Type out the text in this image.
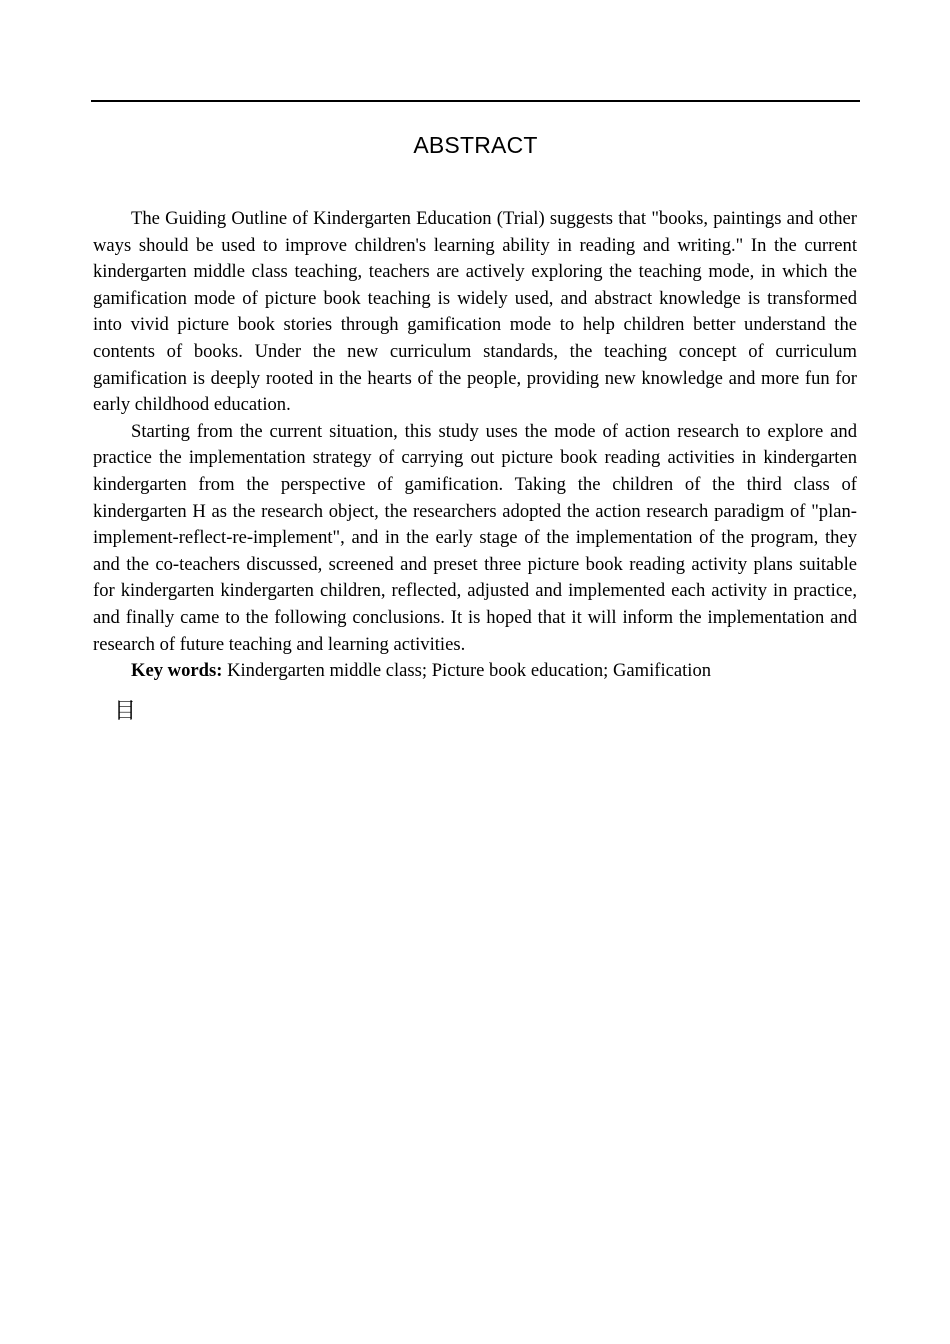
ABSTRACT

The Guiding Outline of Kindergarten Education (Trial) suggests that "books, paintings and other ways should be used to improve children's learning ability in reading and writing." In the current kindergarten middle class teaching, teachers are actively exploring the teaching mode, in which the gamification mode of picture book teaching is widely used, and abstract knowledge is transformed into vivid picture book stories through gamification mode to help children better understand the contents of books. Under the new curriculum standards, the teaching concept of curriculum gamification is deeply rooted in the hearts of the people, providing new knowledge and more fun for early childhood education.

Starting from the current situation, this study uses the mode of action research to explore and practice the implementation strategy of carrying out picture book reading activities in kindergarten kindergarten from the perspective of gamification. Taking the children of the third class of kindergarten H as the research object, the researchers adopted the action research paradigm of "plan-implement-reflect-re-implement", and in the early stage of the implementation of the program, they and the co-teachers discussed, screened and preset three picture book reading activity plans suitable for kindergarten kindergarten children, reflected, adjusted and implemented each activity in practice, and finally came to the following conclusions. It is hoped that it will inform the implementation and research of future teaching and learning activities.

Key words: Kindergarten middle class; Picture book education; Gamification

目
